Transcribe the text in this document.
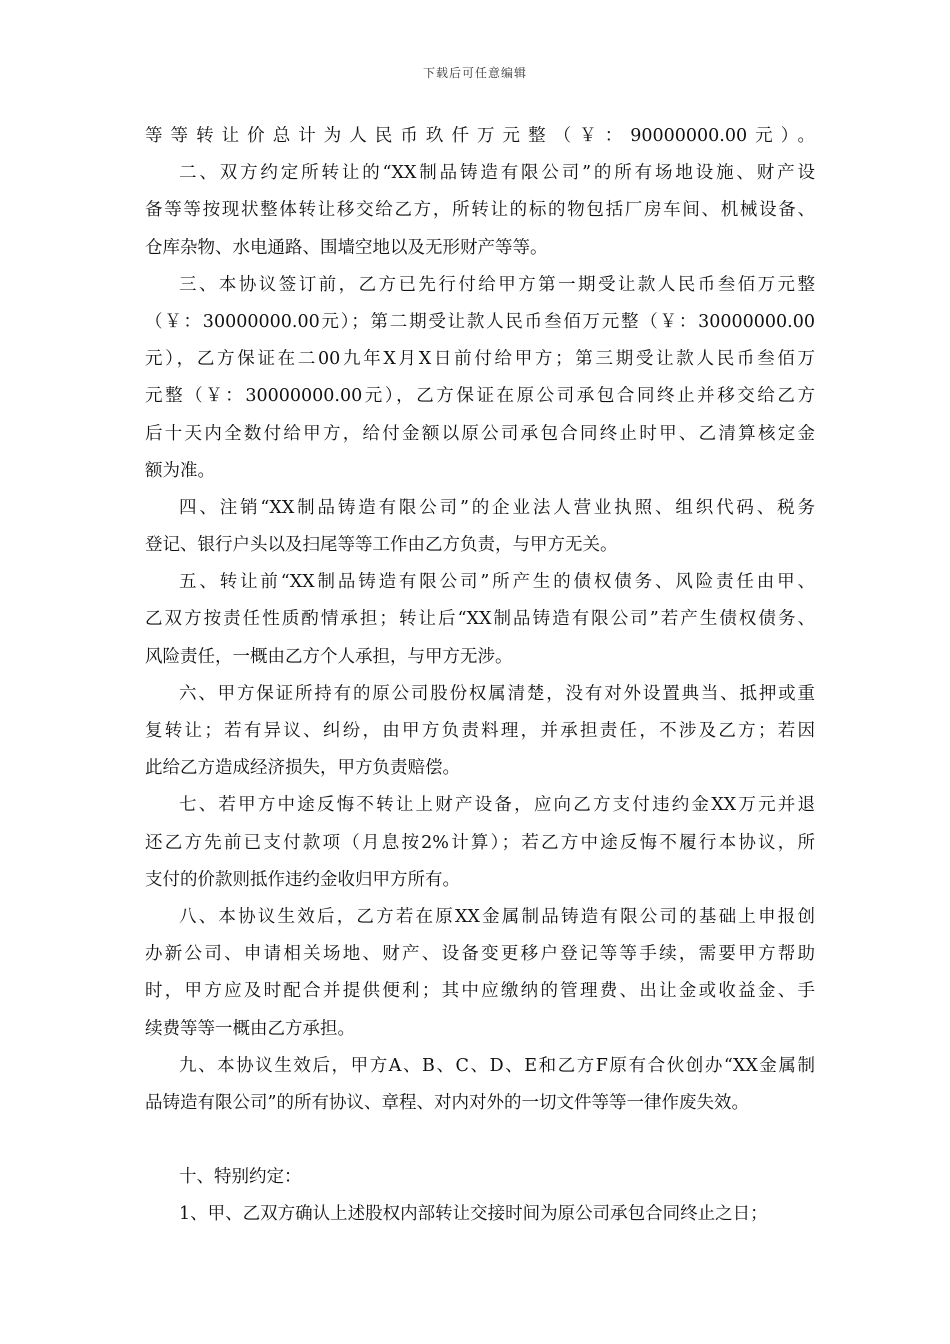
下载后可任意编辑
等等转让价总计为人民币玖仟万元整（￥：90000000.00元）。
二、双方约定所转让的“XX制品铸造有限公司”的所有场地设施、财产设
备等等按现状整体转让移交给乙方，所转让的标的物包括厂房车间、机械设备、
仓库杂物、水电通路、围墙空地以及无形财产等等。
三、本协议签订前，乙方已先行付给甲方第一期受让款人民币叁佰万元整
（￥：30000000.00元）；第二期受让款人民币叁佰万元整（￥：30000000.00
元），乙方保证在二00九年X月X日前付给甲方；第三期受让款人民币叁佰万
元整（￥：30000000.00元），乙方保证在原公司承包合同终止并移交给乙方
后十天内全数付给甲方，给付金额以原公司承包合同终止时甲、乙清算核定金
额为准。
四、注销“XX制品铸造有限公司”的企业法人营业执照、组织代码、税务
登记、银行户头以及扫尾等等工作由乙方负责，与甲方无关。
五、转让前“XX制品铸造有限公司”所产生的债权债务、风险责任由甲、
乙双方按责任性质酌情承担；转让后“XX制品铸造有限公司”若产生债权债务、
风险责任，一概由乙方个人承担，与甲方无涉。
六、甲方保证所持有的原公司股份权属清楚，没有对外设置典当、抵押或重
复转让；若有异议、纠纷，由甲方负责料理，并承担责任，不涉及乙方；若因
此给乙方造成经济损失，甲方负责赔偿。
七、若甲方中途反悔不转让上财产设备，应向乙方支付违约金XX万元并退
还乙方先前已支付款项（月息按2%计算）；若乙方中途反悔不履行本协议，所
支付的价款则抵作违约金收归甲方所有。
八、本协议生效后，乙方若在原XX金属制品铸造有限公司的基础上申报创
办新公司、申请相关场地、财产、设备变更移户登记等等手续，需要甲方帮助
时，甲方应及时配合并提供便利；其中应缴纳的管理费、出让金或收益金、手
续费等等一概由乙方承担。
九、本协议生效后，甲方A、B、C、D、E和乙方F原有合伙创办“XX金属制
品铸造有限公司”的所有协议、章程、对内对外的一切文件等等一律作废失效。
十、特别约定：
1、甲、乙双方确认上述股权内部转让交接时间为原公司承包合同终止之日；
